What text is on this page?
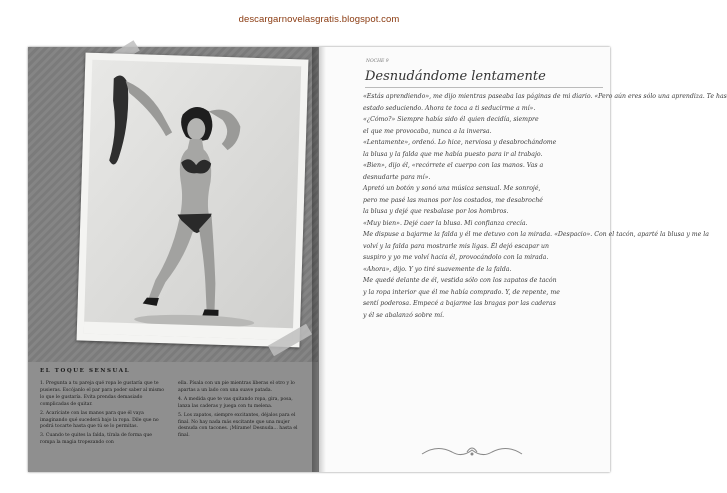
descargarnovelasgratis.blogspot.com
EL TOQUE SENSUAL

1. Pregunta a tu pareja qué ropa le gustaría que te pusieras. Escójanlo el par para poder saber al mismo lo que le gustaría. Evita prendas demasiado complicadas de quitar.

2. Acaríciate con las manos para que él vaya imaginando qué sucederá bajo la ropa. Dile que no podrá tocarte hasta que tú se lo permitas.

3. Cuando te quites la falda, tírala de forma que rompa la magia tropezando con

ella. Písala con un pie mientras liberas el otro y lo apartas a un lado con una suave patada.

4. A medida que te vas quitando ropa, gira, posa, lanza las caderas y juega con tu melena.

5. Los zapatos, siempre excitantes, déjalos para el final. No hay nada más excitante que una mujer desnuda con tacones. ¡Mírame! Desnuda... hasta el final.

NOCHE 9
Desnudándome lentamente
«Estás aprendiendo», me dijo mientras paseaba las páginas de mi diario. «Pero aún eres sólo una aprendiza. Te has
estado seduciendo. Ahora te toca a ti seducirme a mí».
«¿Cómo?» Siempre había sido él quien decidía, siempre
el que me provocaba, nunca a la inversa.
«Lentamente», ordenó. Lo hice, nerviosa y desabrochándome
la blusa y la falda que me había puesto para ir al trabajo.
«Bien», dijo él, «recórrete el cuerpo con las manos. Vas a
desnudarte para mí».
Apretó un botón y sonó una música sensual. Me sonrojé,
pero me pasé las manos por los costados, me desabroché
la blusa y dejé que resbalase por los hombros.
«Muy bien». Dejé caer la blusa. Mi confianza crecía.
Me dispuse a bajarme la falda y él me detuvo con la mirada. «Despacio». Con el tacón, aparté la blusa y me la
volví y la falda para mostrarle mis ligas. Él dejó escapar un
suspiro y yo me volví hacia él, provocándolo con la mirada.
«Ahora», dijo. Y yo tiré suavemente de la falda.
Me quedé delante de él, vestida sólo con los zapatos de tacón
y la ropa interior que él me había comprado. Y, de repente, me
sentí poderosa. Empecé a bajarme las bragas por las caderas
y él se abalanzó sobre mí.
